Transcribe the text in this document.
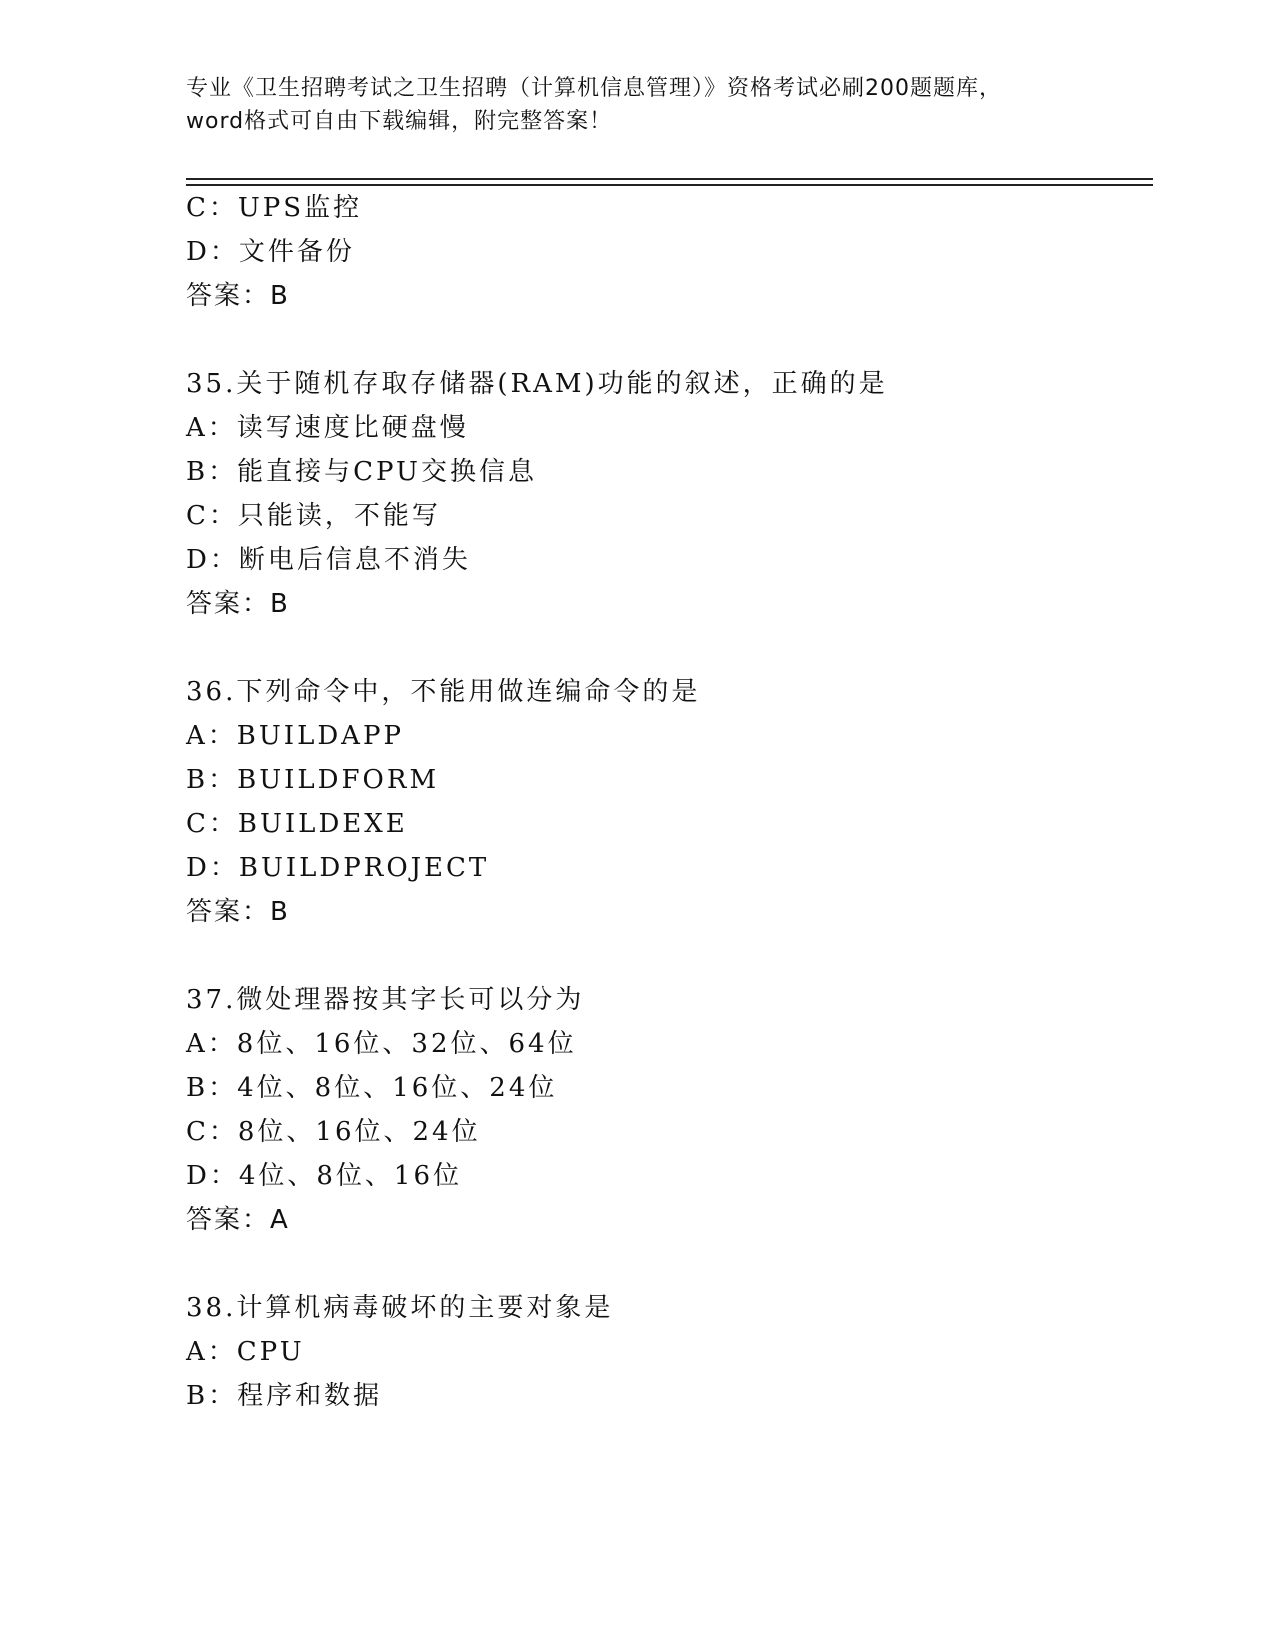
专业《卫生招聘考试之卫生招聘（计算机信息管理）》资格考试必刷200题题库，
word格式可自由下载编辑，附完整答案！
C：UPS监控
D：文件备份
答案：B
35.关于随机存取存储器(RAM)功能的叙述，正确的是
A：读写速度比硬盘慢
B：能直接与CPU交换信息
C：只能读，不能写
D：断电后信息不消失
答案：B
36.下列命令中，不能用做连编命令的是
A：BUILDAPP
B：BUILDFORM
C：BUILDEXE
D：BUILDPROJECT
答案：B
37.微处理器按其字长可以分为
A：8位、16位、32位、64位
B：4位、8位、16位、24位
C：8位、16位、24位
D：4位、8位、16位
答案：A
38.计算机病毒破坏的主要对象是
A：CPU
B：程序和数据
